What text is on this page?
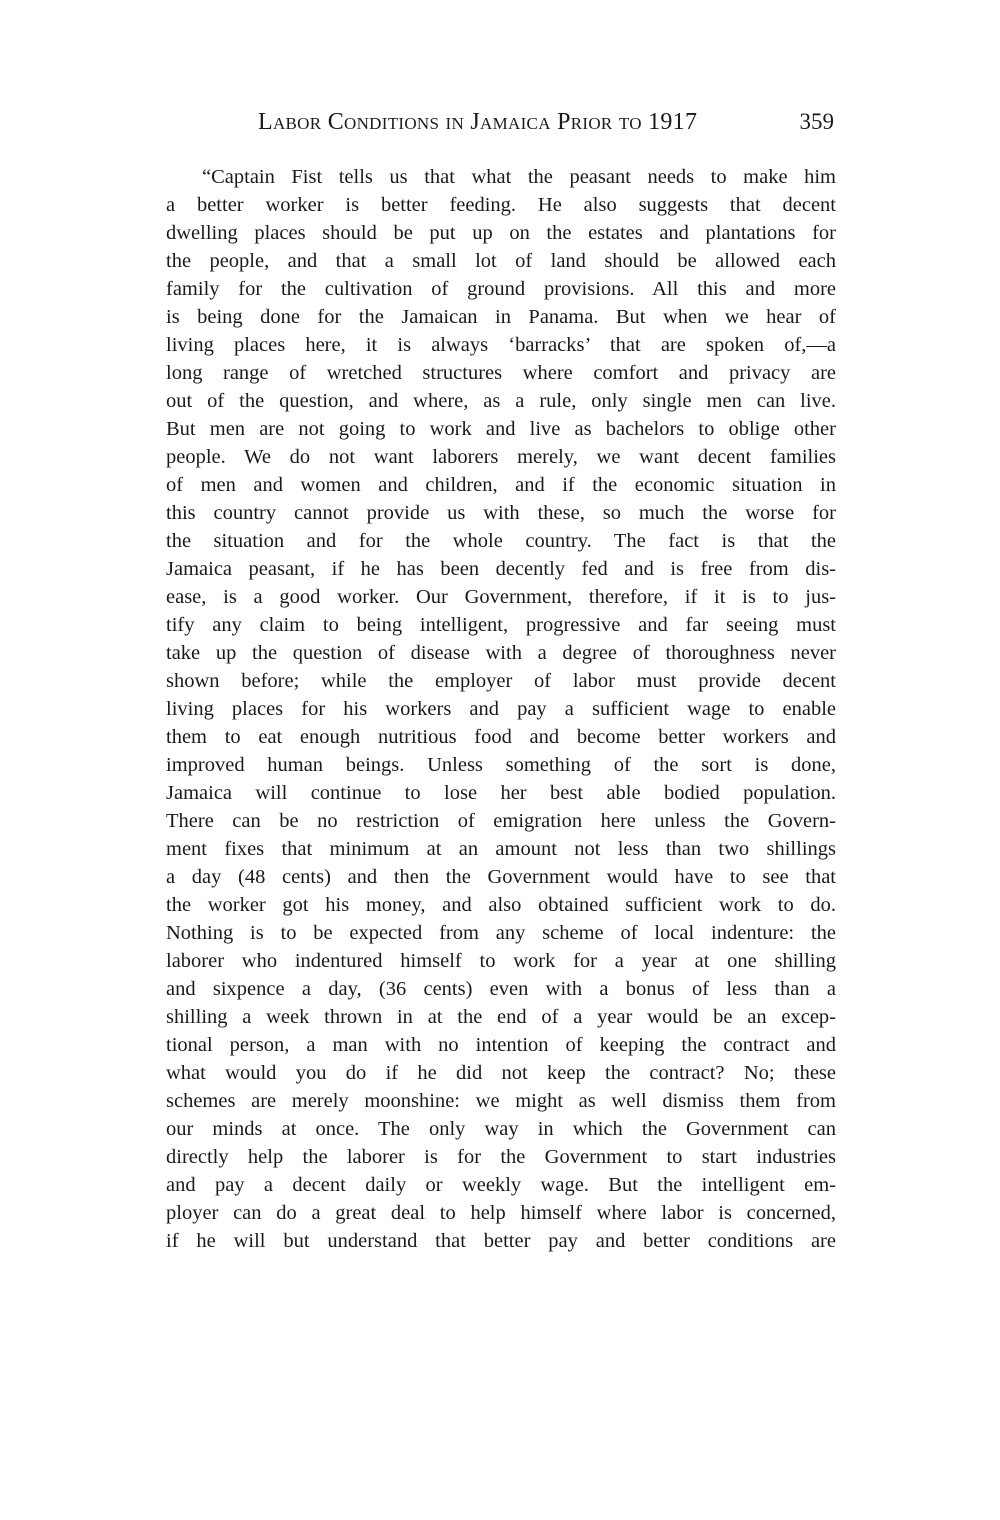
Labor Conditions in Jamaica Prior to 1917	359
“Captain Fist tells us that what the peasant needs to make him
a better worker is better feeding. He also suggests that decent
dwelling places should be put up on the estates and plantations for
the people, and that a small lot of land should be allowed each
family for the cultivation of ground provisions. All this and more
is being done for the Jamaican in Panama. But when we hear of
living places here, it is always ‘barracks’ that are spoken of,—a
long range of wretched structures where comfort and privacy are
out of the question, and where, as a rule, only single men can live.
But men are not going to work and live as bachelors to oblige other
people. We do not want laborers merely, we want decent families
of men and women and children, and if the economic situation in
this country cannot provide us with these, so much the worse for
the situation and for the whole country. The fact is that the
Jamaica peasant, if he has been decently fed and is free from dis-
ease, is a good worker. Our Government, therefore, if it is to jus-
tify any claim to being intelligent, progressive and far seeing must
take up the question of disease with a degree of thoroughness never
shown before; while the employer of labor must provide decent
living places for his workers and pay a sufficient wage to enable
them to eat enough nutritious food and become better workers and
improved human beings. Unless something of the sort is done,
Jamaica will continue to lose her best able bodied population.
There can be no restriction of emigration here unless the Govern-
ment fixes that minimum at an amount not less than two shillings
a day (48 cents) and then the Government would have to see that
the worker got his money, and also obtained sufficient work to do.
Nothing is to be expected from any scheme of local indenture: the
laborer who indentured himself to work for a year at one shilling
and sixpence a day, (36 cents) even with a bonus of less than a
shilling a week thrown in at the end of a year would be an excep-
tional person, a man with no intention of keeping the contract and
what would you do if he did not keep the contract? No; these
schemes are merely moonshine: we might as well dismiss them from
our minds at once. The only way in which the Government can
directly help the laborer is for the Government to start industries
and pay a decent daily or weekly wage. But the intelligent em-
ployer can do a great deal to help himself where labor is concerned,
if he will but understand that better pay and better conditions are
